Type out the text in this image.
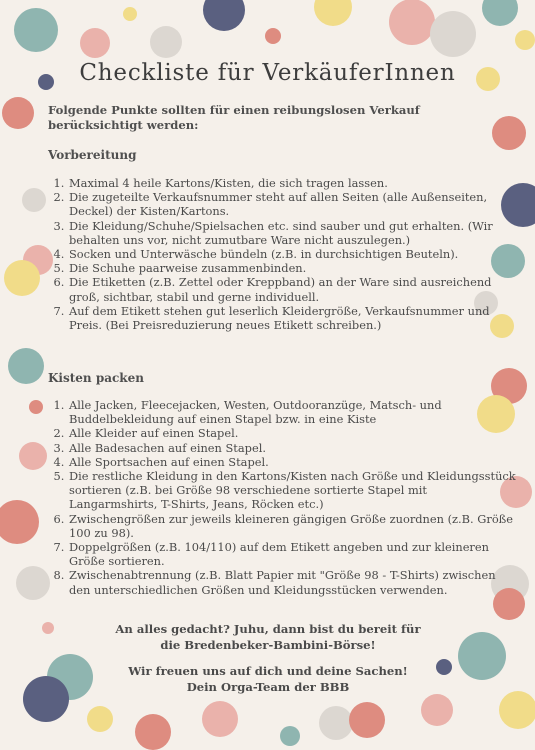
Checkliste für VerkäuferInnen
Folgende Punkte sollten für einen reibungslosen Verkauf berücksichtigt werden:
Vorbereitung
1. Maximal 4 heile Kartons/Kisten, die sich tragen lassen.
2. Die zugeteilte Verkaufsnummer steht auf allen Seiten (alle Außenseiten, Deckel) der Kisten/Kartons.
3. Die Kleidung/Schuhe/Spielsachen etc. sind sauber und gut erhalten. (Wir behalten uns vor, nicht zumutbare Ware nicht auszulegen.)
4. Socken und Unterwäsche bündeln (z.B. in durchsichtigen Beuteln).
5. Die Schuhe paarweise zusammenbinden.
6. Die Etiketten (z.B. Zettel oder Kreppband) an der Ware sind ausreichend groß, sichtbar, stabil und gerne individuell.
7. Auf dem Etikett stehen gut leserlich Kleidergröße, Verkaufsnummer und Preis. (Bei Preisreduzierung neues Etikett schreiben.)
Kisten packen
1. Alle Jacken, Fleecejacken, Westen, Outdooranzüge, Matsch- und Buddelbekleidung auf einen Stapel bzw. in eine Kiste
2. Alle Kleider auf einen Stapel.
3. Alle Badesachen auf einen Stapel.
4. Alle Sportsachen auf einen Stapel.
5. Die restliche Kleidung in den Kartons/Kisten nach Größe und Kleidungsstück sortieren (z.B. bei Größe 98 verschiedene sortierte Stapel mit Langarmshirts, T-Shirts, Jeans, Röcken etc.)
6. Zwischengrößen zur jeweils kleineren gängigen Größe zuordnen (z.B. Größe 100 zu 98).
7. Doppelgrößen (z.B. 104/110) auf dem Etikett angeben und zur kleineren Größe sortieren.
8. Zwischenabtrennung (z.B. Blatt Papier mit "Größe 98 - T-Shirts) zwischen den unterschiedlichen Größen und Kleidungsstücken verwenden.
An alles gedacht? Juhu, dann bist du bereit für
die Bredenbeker-Bambini-Börse!
Wir freuen uns auf dich und deine Sachen!
Dein Orga-Team der BBB
